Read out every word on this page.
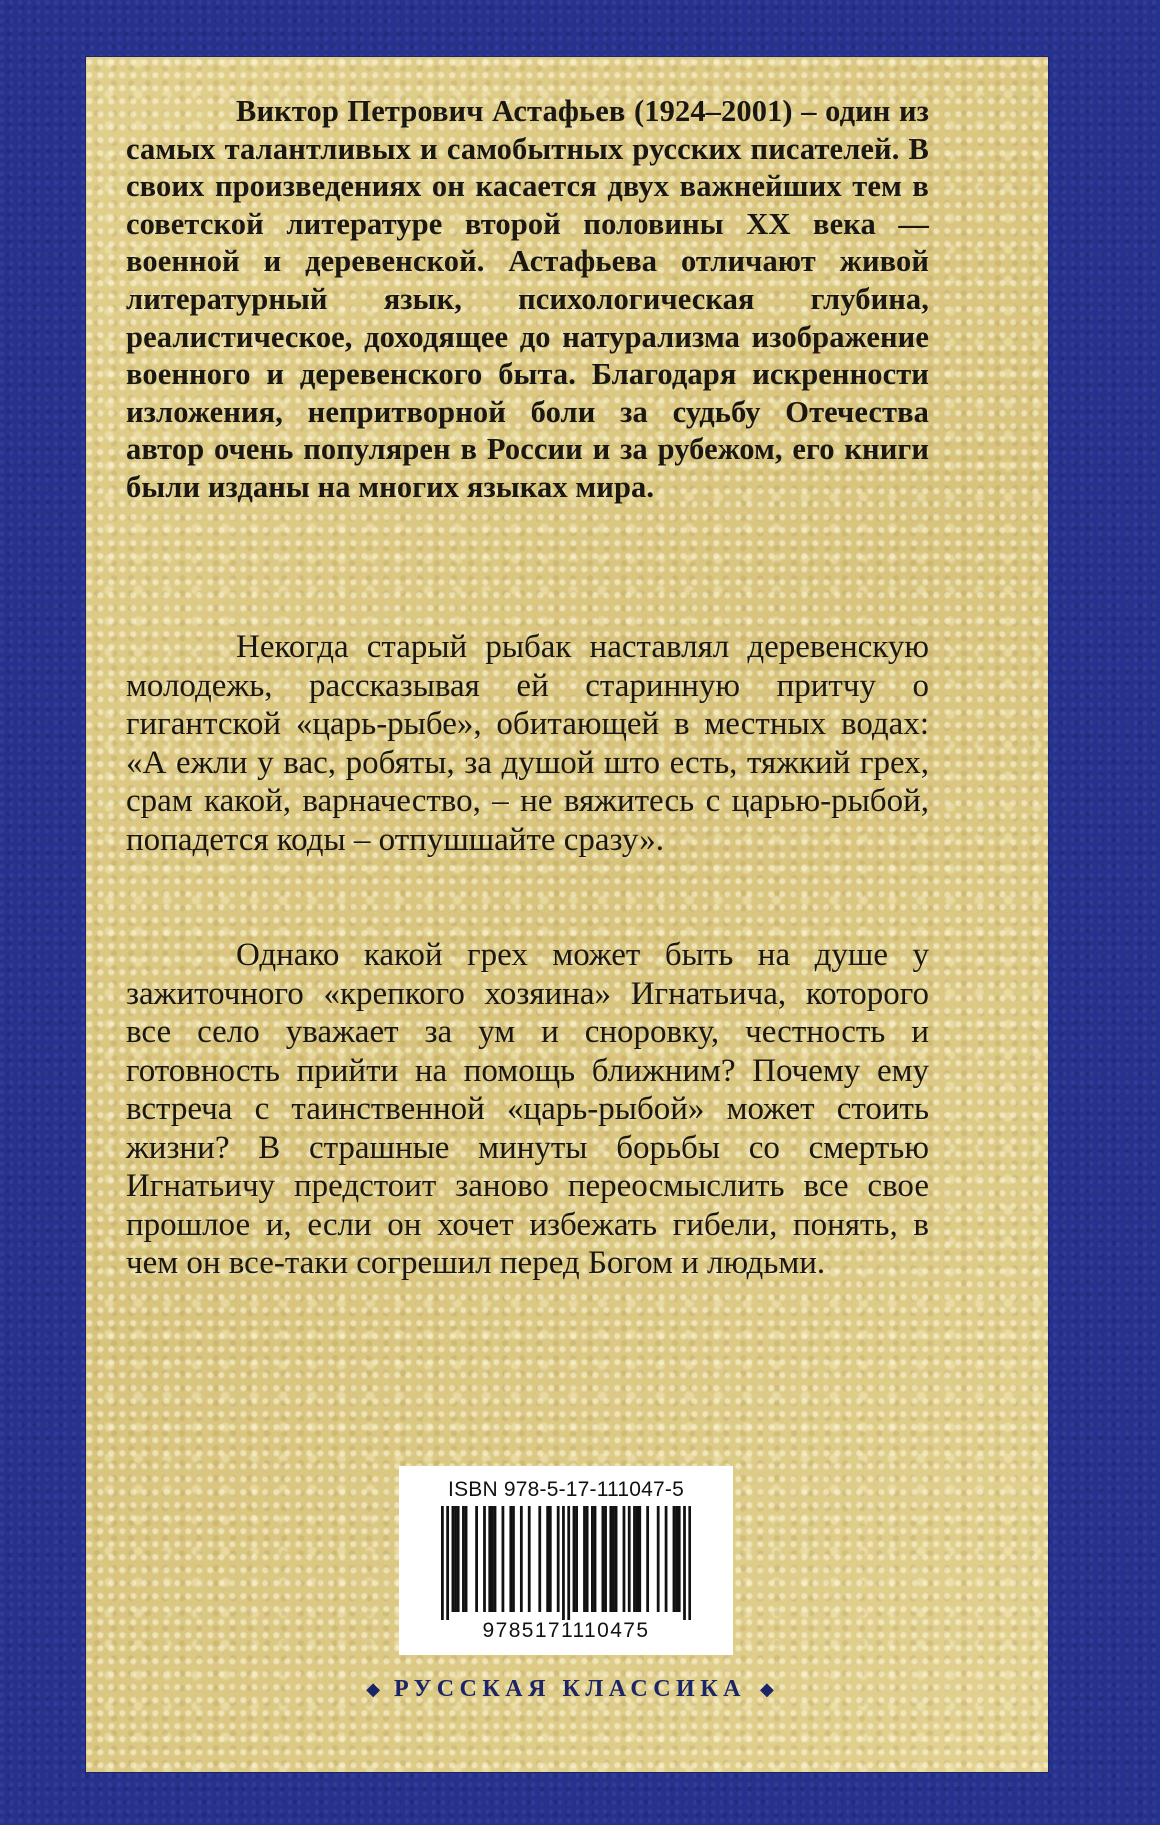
Виктор Петрович Астафьев (1924–2001) – один из самых талантливых и самобытных русских писателей. В своих произведениях он касается двух важнейших тем в советской литературе второй половины XX века — военной и деревенской. Астафьева отличают живой литературный язык, психологическая глубина, реалистическое, доходящее до натурализма изображение военного и деревенского быта. Благодаря искренности изложения, непритворной боли за судьбу Отечества автор очень популярен в России и за рубежом, его книги были изданы на многих языках мира.

Некогда старый рыбак наставлял деревенскую молодежь, рассказывая ей старинную притчу о гигантской «царь-рыбе», обитающей в местных водах: «А ежли у вас, робяты, за душой што есть, тяжкий грех, срам какой, варначество, – не вяжитесь с царью-рыбой, попадется коды – отпушшайте сразу».

Однако какой грех может быть на душе у зажиточного «крепкого хозяина» Игнатьича, которого все село уважает за ум и сноровку, честность и готовность прийти на помощь ближним? Почему ему встреча с таинственной «царь-рыбой» может стоить жизни? В страшные минуты борьбы со смертью Игнатьичу предстоит заново переосмыслить все свое прошлое и, если он хочет избежать гибели, понять, в чем он все-таки согрешил перед Богом и людьми.

ISBN 978-5-17-111047-5
9785171110475
◆ РУССКАЯ КЛАССИКА ◆
